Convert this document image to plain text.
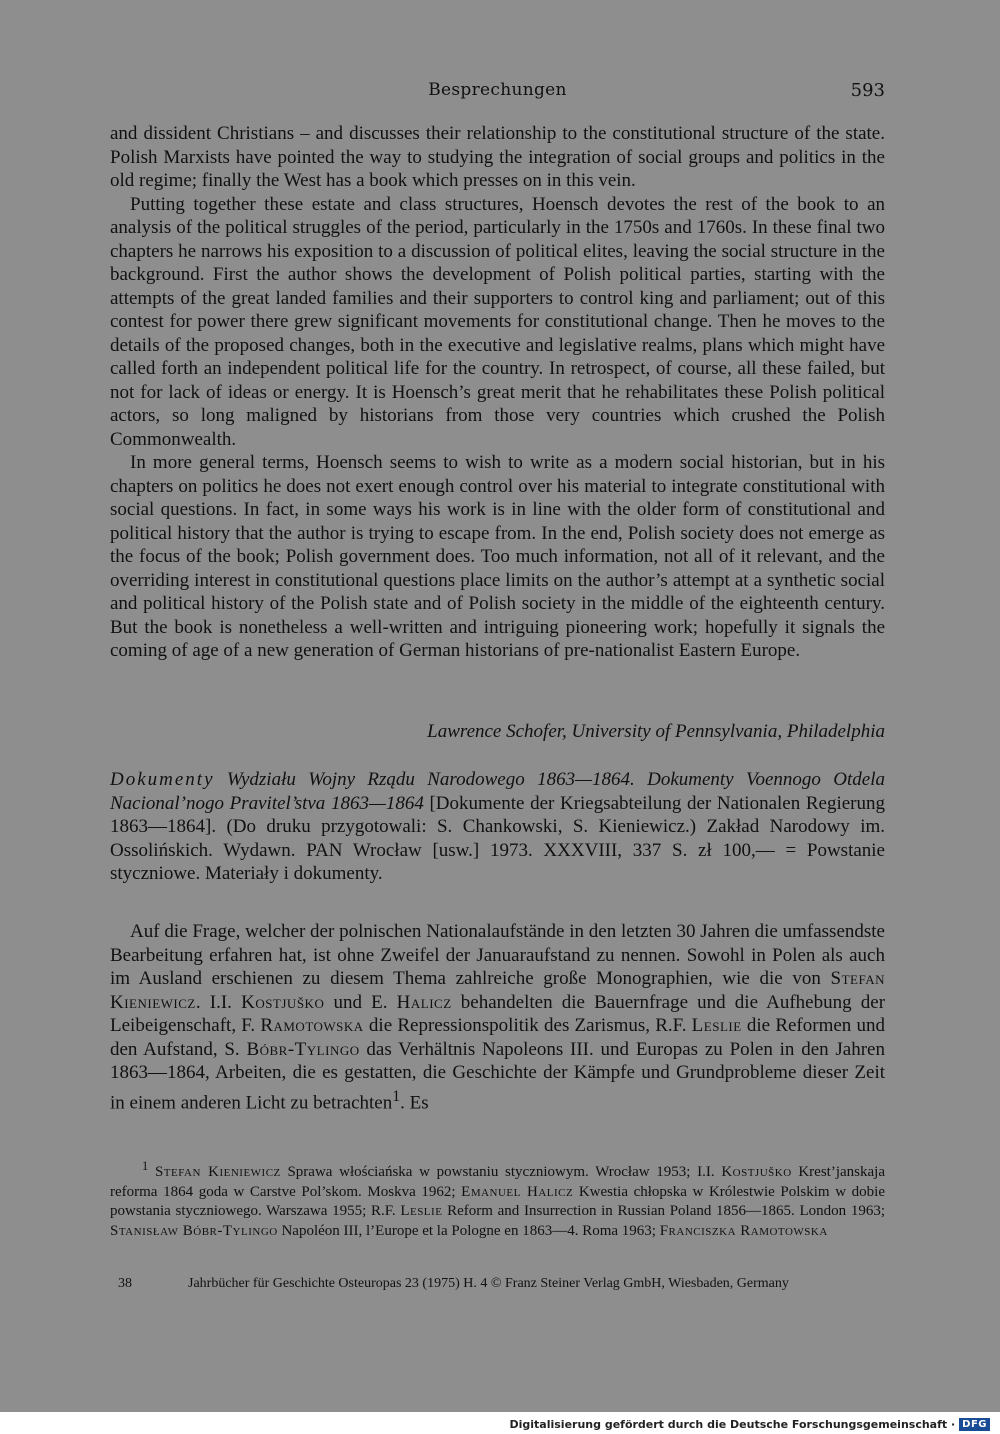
Besprechungen	593

and dissident Christians – and discusses their relationship to the constitutional structure of the state. Polish Marxists have pointed the way to studying the integration of social groups and politics in the old regime; finally the West has a book which presses on in this vein.

Putting together these estate and class structures, Hoensch devotes the rest of the book to an analysis of the political struggles of the period, particularly in the 1750s and 1760s. In these final two chapters he narrows his exposition to a discussion of political elites, leaving the social structure in the background. First the author shows the development of Polish political parties, starting with the attempts of the great landed families and their supporters to control king and parliament; out of this contest for power there grew significant movements for constitutional change. Then he moves to the details of the proposed changes, both in the executive and legislative realms, plans which might have called forth an independent political life for the country. In retrospect, of course, all these failed, but not for lack of ideas or energy. It is Hoensch’s great merit that he rehabilitates these Polish political actors, so long maligned by historians from those very countries which crushed the Polish Commonwealth.

In more general terms, Hoensch seems to wish to write as a modern social historian, but in his chapters on politics he does not exert enough control over his material to integrate constitutional with social questions. In fact, in some ways his work is in line with the older form of constitutional and political history that the author is trying to escape from. In the end, Polish society does not emerge as the focus of the book; Polish government does. Too much information, not all of it relevant, and the overriding interest in constitutional questions place limits on the author’s attempt at a synthetic social and political history of the Polish state and of Polish society in the middle of the eighteenth century. But the book is nonetheless a well-written and intriguing pioneering work; hopefully it signals the coming of age of a new generation of German historians of pre-nationalist Eastern Europe.

Lawrence Schofer, University of Pennsylvania, Philadelphia
Dokumenty Wydziału Wojny Rządu Narodowego 1863—1864. Dokumenty Voennogo Otdela Nacional’nogo Pravitel’stva 1863—1864 [Dokumente der Kriegsabteilung der Nationalen Regierung 1863—1864]. (Do druku przygotowali: S. Chankowski, S. Kieniewicz.) Zakład Narodowy im. Ossolińskich. Wydawn. PAN Wrocław [usw.] 1973. XXXVIII, 337 S. zł 100,— = Powstanie styczniowe. Materiały i dokumenty.

Auf die Frage, welcher der polnischen Nationalaufstände in den letzten 30 Jahren die umfassendste Bearbeitung erfahren hat, ist ohne Zweifel der Januaraufstand zu nennen. Sowohl in Polen als auch im Ausland erschienen zu diesem Thema zahlreiche große Monographien, wie die von Stefan Kieniewicz. I.I. Kostjuško und E. Halicz behandelten die Bauernfrage und die Aufhebung der Leibeigenschaft, F. Ramotowska die Repressionspolitik des Zarismus, R.F. Leslie die Reformen und den Aufstand, S. Bóbr-Tylingo das Verhältnis Napoleons III. und Europas zu Polen in den Jahren 1863—1864, Arbeiten, die es gestatten, die Geschichte der Kämpfe und Grundprobleme dieser Zeit in einem anderen Licht zu betrachten$^1$. Es

$^1$ Stefan Kieniewicz Sprawa włościańska w powstaniu styczniowym. Wrocław 1953; I.I. Kostjuško Krest’janskaja reforma 1864 goda w Carstve Pol’skom. Moskva 1962; Emanuel Halicz Kwestia chłopska w Królestwie Polskim w dobie powstania styczniowego. Warszawa 1955; R.F. Leslie Reform and Insurrection in Russian Poland 1856—1865. London 1963; Stanisław Bóbr-Tylingo Napoléon III, l’Europe et la Pologne en 1863—4. Roma 1963; Franciszka Ramotowska
38	Jahrbücher für Geschichte Osteuropas 23 (1975) H. 4 © Franz Steiner Verlag GmbH, Wiesbaden, Germany
Digitalisierung gefördert durch die Deutsche Forschungsgemeinschaft · DFG
